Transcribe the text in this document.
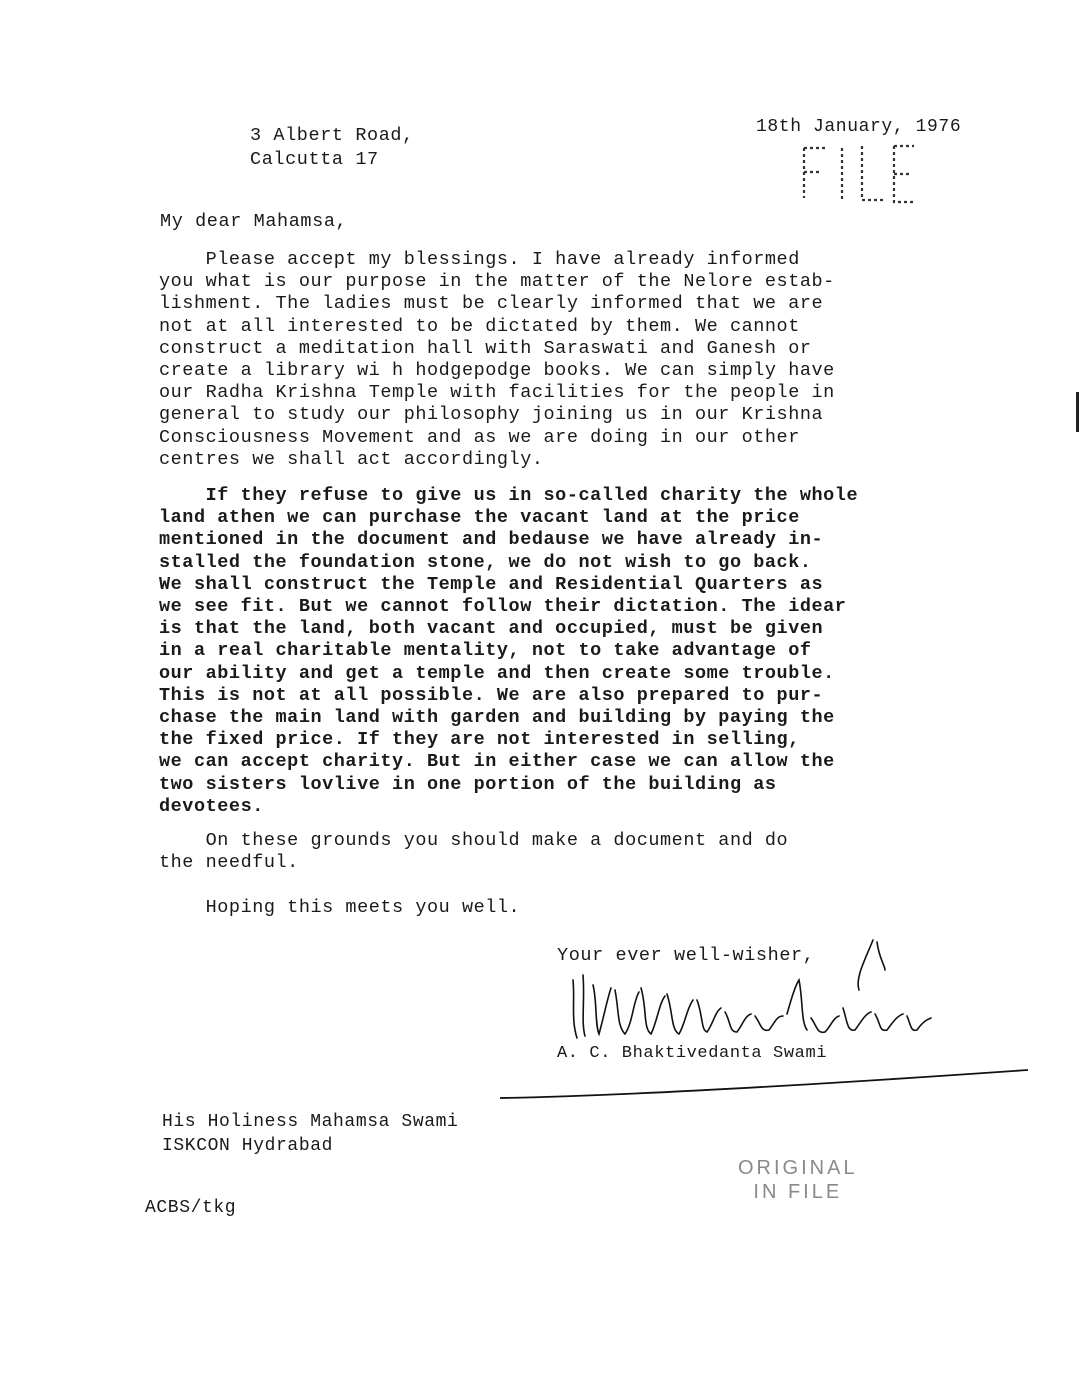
3 Albert Road,
Calcutta 17
18th January, 1976
My dear Mahamsa,

Please accept my blessings. I have already informed
you what is our purpose in the matter of the Nelore estab-
lishment. The ladies must be clearly informed that we are
not at all interested to be dictated by them. We cannot
construct a meditation hall with Saraswati and Ganesh or
create a library wi h hodgepodge books. We can simply have
our Radha Krishna Temple with facilities for the people in
general to study our philosophy joining us in our Krishna
Consciousness Movement and as we are doing in our other
centres we shall act accordingly.

If they refuse to give us in so-called charity the whole
land athen we can purchase the vacant land at the price
mentioned in the document and bedause we have already in-
stalled the foundation stone, we do not wish to go back.
We shall construct the Temple and Residential Quarters as
we see fit. But we cannot follow their dictation. The idear
is that the land, both vacant and occupied, must be given
in a real charitable mentality, not to take advantage of
our ability and get a temple and then create some trouble.
This is not at all possible. We are also prepared to pur-
chase the main land with garden and building by paying the
the fixed price. If they are not interested in selling,
we can accept charity. But in either case we can allow the
two sisters lovlive in one portion of the building as
devotees.

On these grounds you should make a document and do
the needful.

Hoping this meets you well.

Your ever well-wisher,
A. C. Bhaktivedanta Swami
His Holiness Mahamsa Swami
ISKCON Hydrabad
ACBS/tkg
ORIGINAL
IN FILE
